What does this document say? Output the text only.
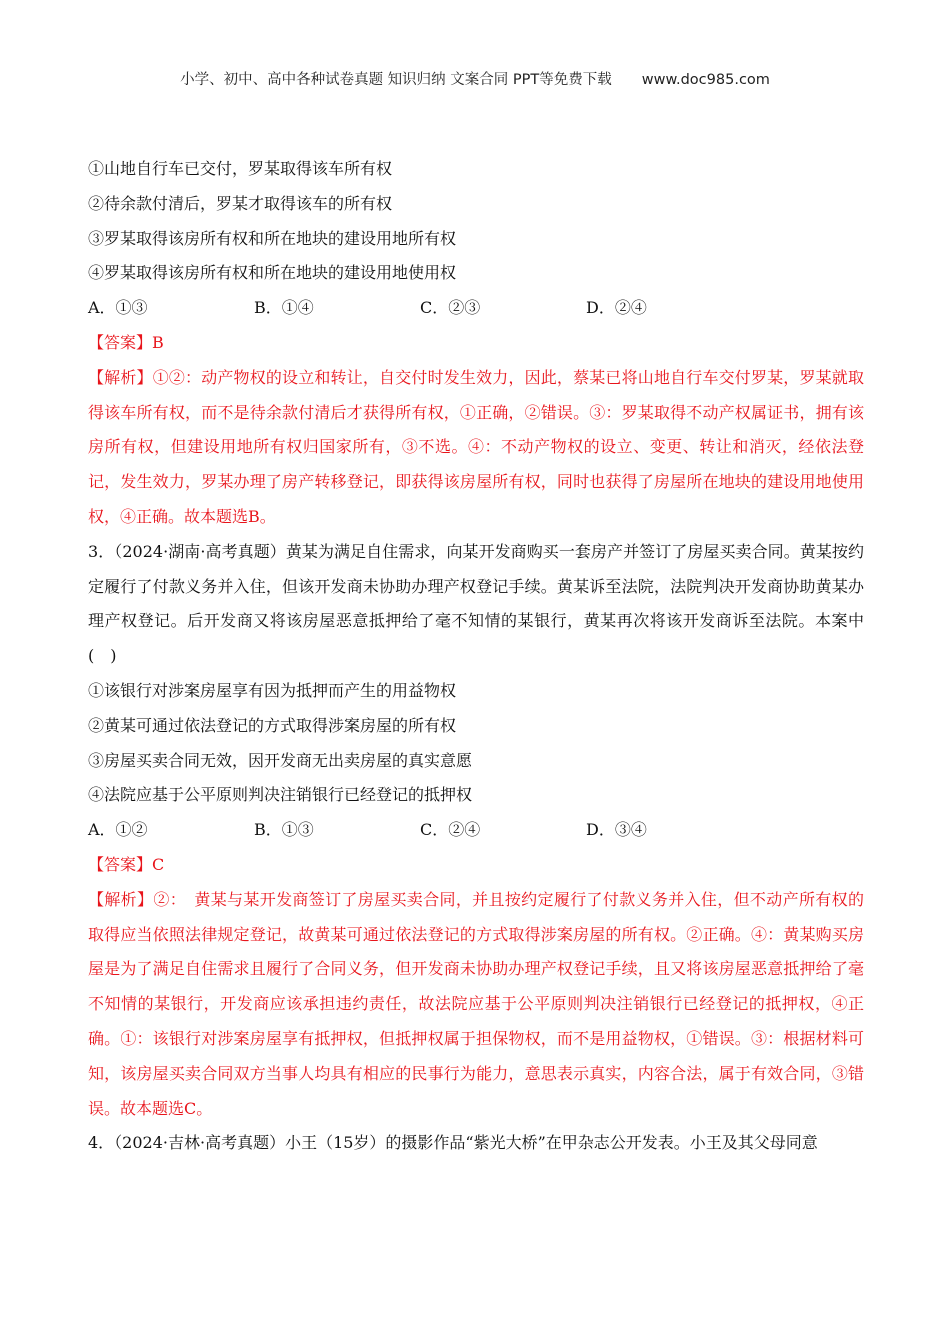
小学、初中、高中各种试卷真题 知识归纳 文案合同 PPT等免费下载 www.doc985.com
①山地自行车已交付，罗某取得该车所有权
②待余款付清后，罗某才取得该车的所有权
③罗某取得该房所有权和所在地块的建设用地所有权
④罗某取得该房所有权和所在地块的建设用地使用权
A．①③	B．①④	C．②③	D．②④
【答案】B
【解析】①②：动产物权的设立和转让，自交付时发生效力，因此，蔡某已将山地自行车交付罗某，罗某就取得该车所有权，而不是待余款付清后才获得所有权，①正确，②错误。③：罗某取得不动产权属证书，拥有该房所有权，但建设用地所有权归国家所有，③不选。④：不动产物权的设立、变更、转让和消灭，经依法登记，发生效力，罗某办理了房产转移登记，即获得该房屋所有权，同时也获得了房屋所在地块的建设用地使用权，④正确。故本题选B。
3．（2024·湖南·高考真题）黄某为满足自住需求，向某开发商购买一套房产并签订了房屋买卖合同。黄某按约定履行了付款义务并入住，但该开发商未协助办理产权登记手续。黄某诉至法院，法院判决开发商协助黄某办理产权登记。后开发商又将该房屋恶意抵押给了毫不知情的某银行，黄某再次将该开发商诉至法院。本案中(　)
①该银行对涉案房屋享有因为抵押而产生的用益物权
②黄某可通过依法登记的方式取得涉案房屋的所有权
③房屋买卖合同无效，因开发商无出卖房屋的真实意愿
④法院应基于公平原则判决注销银行已经登记的抵押权
A．①②	B．①③	C．②④	D．③④
【答案】C
【解析】②：　黄某与某开发商签订了房屋买卖合同，并且按约定履行了付款义务并入住，但不动产所有权的取得应当依照法律规定登记，故黄某可通过依法登记的方式取得涉案房屋的所有权。②正确。④：黄某购买房屋是为了满足自住需求且履行了合同义务，但开发商未协助办理产权登记手续，且又将该房屋恶意抵押给了毫不知情的某银行，开发商应该承担违约责任，故法院应基于公平原则判决注销银行已经登记的抵押权，④正确。①：该银行对涉案房屋享有抵押权，但抵押权属于担保物权，而不是用益物权，①错误。③：根据材料可知，该房屋买卖合同双方当事人均具有相应的民事行为能力，意思表示真实，内容合法，属于有效合同，③错误。故本题选C。
4．（2024·吉林·高考真题）小王（15岁）的摄影作品“紫光大桥”在甲杂志公开发表。小王及其父母同意
